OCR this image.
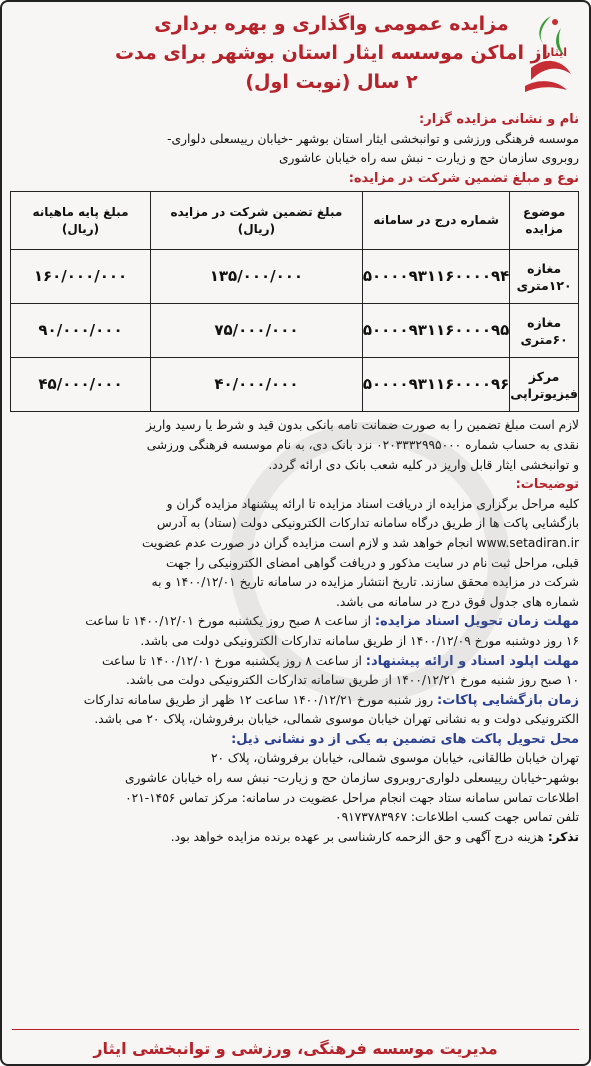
ایثار
مزایده عمومی واگذاری و بهره برداری
از اماکن موسسه ایثار استان بوشهر برای مدت
۲ سال (نوبت اول)
نام و نشانی مزایده گزار:
موسسه فرهنگی ورزشی و توانبخشی ایثار استان بوشهر -خیابان رییسعلی دلواری-
روبروی سازمان حج و زیارت - نبش سه راه خیابان عاشوری
نوع و مبلغ تضمین شرکت در مزایده:
موضوع مزایده	شماره درج در سامانه	مبلغ تضمین شرکت در مزایده (ریال)	مبلغ پایه ماهیانه (ریال)
مغازه ۱۲۰متری	۵۰۰۰۰۹۳۱۱۶۰۰۰۰۹۴	۱۳۵/۰۰۰/۰۰۰	۱۶۰/۰۰۰/۰۰۰
مغازه ۶۰متری	۵۰۰۰۰۹۳۱۱۶۰۰۰۰۹۵	۷۵/۰۰۰/۰۰۰	۹۰/۰۰۰/۰۰۰
مرکز فیزیوتراپی	۵۰۰۰۰۹۳۱۱۶۰۰۰۰۹۶	۴۰/۰۰۰/۰۰۰	۴۵/۰۰۰/۰۰۰
لازم است مبلغ تضمین را به صورت ضمانت نامه بانکی بدون قید و شرط یا رسید واریز
نقدی به حساب شماره ۰۲۰۳۳۳۲۹۹۵۰۰۰ نزد بانک دی، به نام موسسه فرهنگی ورزشی
و توانبخشی ایثار قابل واریز در کلیه شعب بانک دی ارائه گردد.
توضیحات:
کلیه مراحل برگزاری مزایده از دریافت اسناد مزایده تا ارائه پیشنهاد مزایده گران و
بازگشایی پاکت ها از طریق درگاه سامانه تدارکات الکترونیکی دولت (ستاد) به آدرس
www.setadiran.ir انجام خواهد شد و لازم است مزایده گران در صورت عدم عضویت
قبلی، مراحل ثبت نام در سایت مذکور و دریافت گواهی امضای الکترونیکی را جهت
شرکت در مزایده محقق سازند. تاریخ انتشار مزایده در سامانه تاریخ ۱۴۰۰/۱۲/۰۱ و به
شماره های جدول فوق درج در سامانه می باشد.
مهلت زمان تحویل اسناد مزایده: از ساعت ۸ صبح روز یکشنبه مورخ ۱۴۰۰/۱۲/۰۱ تا ساعت
۱۶ روز دوشنبه مورخ ۱۴۰۰/۱۲/۰۹ از طریق سامانه تدارکات الکترونیکی دولت می باشد.
مهلت اپلود اسناد و ارائه پیشنهاد: از ساعت ۸ روز یکشنبه مورخ ۱۴۰۰/۱۲/۰۱ تا ساعت
۱۰ صبح روز شنبه مورخ ۱۴۰۰/۱۲/۲۱ از طریق سامانه تدارکات الکترونیکی دولت می باشد.
زمان بازگشایی پاکات: روز شنبه مورخ ۱۴۰۰/۱۲/۲۱ ساعت ۱۲ ظهر از طریق سامانه تدارکات
الکترونیکی دولت و به نشانی تهران خیابان موسوی شمالی، خیابان برفروشان، پلاک ۲۰ می باشد.
محل تحویل پاکت های تضمین به یکی از دو نشانی ذیل:
تهران خیابان طالقانی، خیابان موسوی شمالی، خیابان برفروشان، پلاک ۲۰
بوشهر-خیابان رییسعلی دلواری-روبروی سازمان حج و زیارت- نبش سه راه خیابان عاشوری
اطلاعات تماس سامانه ستاد جهت انجام مراحل عضویت در سامانه: مرکز تماس ۱۴۵۶-۰۲۱
تلفن تماس جهت کسب اطلاعات: ۰۹۱۷۳۷۸۳۹۶۷
تذکر: هزینه درج آگهی و حق الزحمه کارشناسی بر عهده برنده مزایده خواهد بود.
مدیریت موسسه فرهنگی، ورزشی و توانبخشی ایثار
